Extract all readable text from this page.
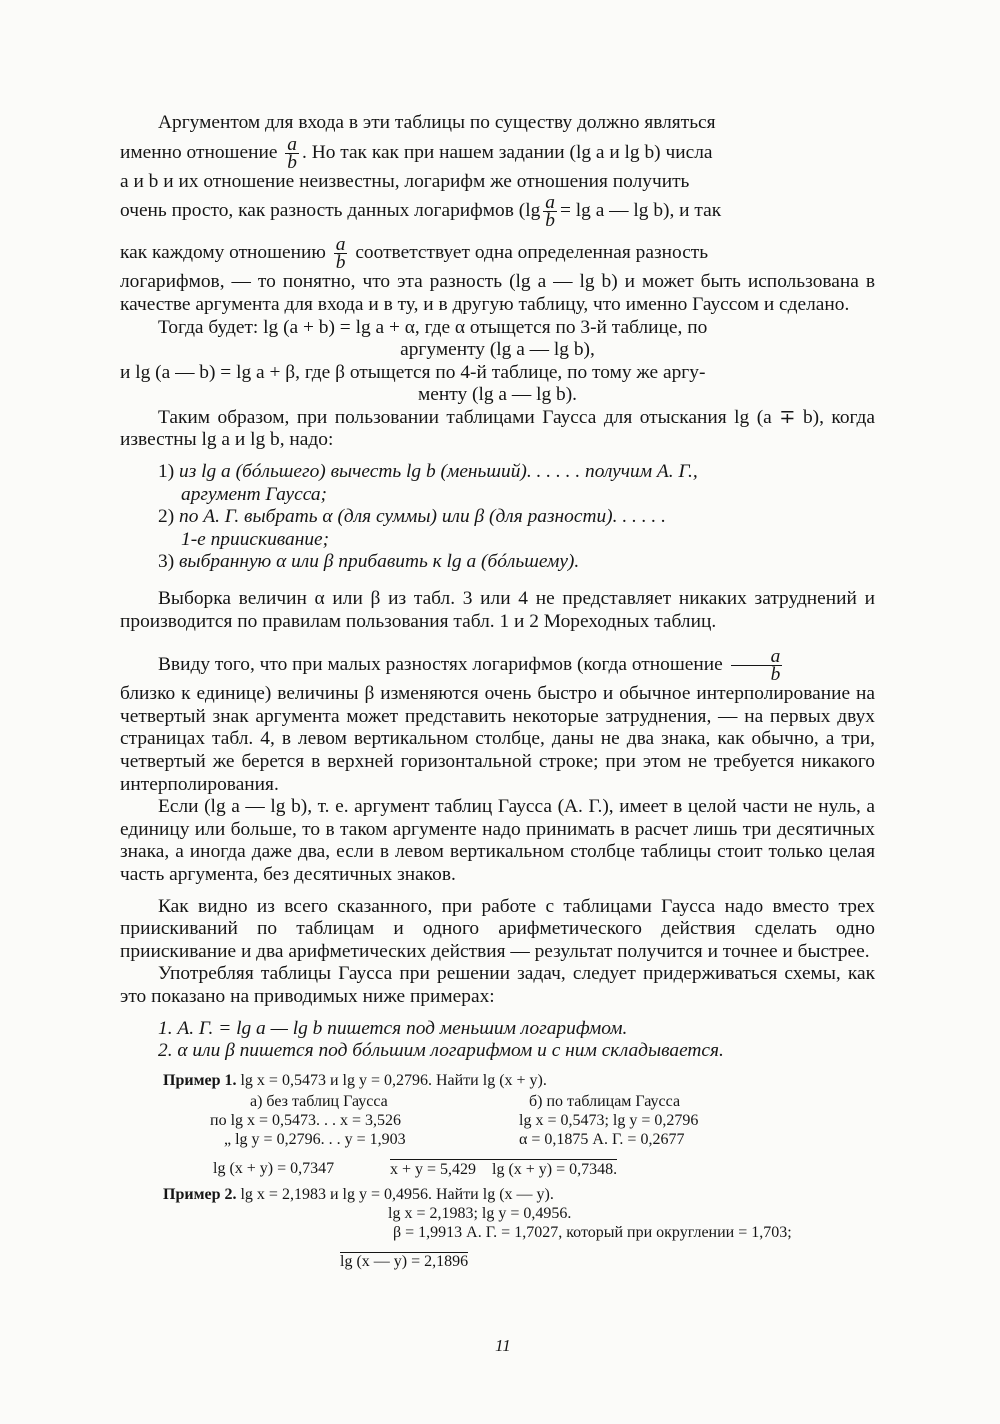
Аргументом для входа в эти таблицы по существу должно являться

именно отношение $\frac{a}{b}$ . Но так как при нашем задании (lg a и lg b) числа

a и b и их отношение неизвестны, логарифм же отношения получить

очень просто, как разность данных логарифмов ($\lg \frac{a}{b} = \lg a$ — lg b), и так

как каждому отношению $\frac{a}{b}$ соответствует одна определенная разность

логарифмов, — то понятно, что эта разность (lg a — lg b) и может быть использована в качестве аргумента для входа и в ту, и в другую таблицу, что именно Гауссом и сделано.

Тогда будет: lg (a + b) = lg a + α, где α отыщется по 3-й таблице, по

аргументу (lg a — lg b),

и lg (a — b) = lg a + β, где β отыщется по 4-й таблице, по тому же аргу-

менту (lg a — lg b).

Таким образом, при пользовании таблицами Гаусса для отыскания lg (a ∓ b), когда известны lg a и lg b, надо:

1) из lg a (бóльшего) вычесть lg b (меньший). . . . . . получим А. Г.,

аргумент Гаусса;

2) по А. Г. выбрать α (для суммы) или β (для разности). . . . . .

1-е приискивание;

3) выбранную α или β прибавить к lg a (бóльшему).

Выборка величин α или β из табл. 3 или 4 не представляет никаких затруднений и производится по правилам пользования табл. 1 и 2 Мореходных таблиц.

Ввиду того, что при малых разностях логарифмов (когда отношение $\frac{a}{b}$

близко к единице) величины β изменяются очень быстро и обычное интерполирование на четвертый знак аргумента может представить некоторые затруднения, — на первых двух страницах табл. 4, в левом вертикальном столбце, даны не два знака, как обычно, а три, четвертый же берется в верхней горизонтальной строке; при этом не требуется никакого интерполирования.

Если (lg a — lg b), т. е. аргумент таблиц Гаусса (А. Г.), имеет в целой части не нуль, а единицу или больше, то в таком аргументе надо принимать в расчет лишь три десятичных знака, а иногда даже два, если в левом вертикальном столбце таблицы стоит только целая часть аргумента, без десятичных знаков.

Как видно из всего сказанного, при работе с таблицами Гаусса надо вместо трех приискиваний по таблицам и одного арифметического действия сделать одно приискивание и два арифметических действия — результат получится и точнее и быстрее.

Употребляя таблицы Гаусса при решении задач, следует придерживаться схемы, как это показано на приводимых ниже примерах:

1. А. Г. = lg a — lg b пишется под меньшим логарифмом.

2. α или β пишется под бóльшим логарифмом и с ним складывается.

Пример 1. lg x = 0,5473 и lg y = 0,2796. Найти lg (x + y).
а) без таблиц Гаусса
по lg x = 0,5473. . . x = 3,526
„ lg y = 0,2796. . . y = 1,903
б) по таблицам Гаусса
lg x = 0,5473; lg y = 0,2796
α = 0,1875 А. Г. = 0,2677
lg (x + y) = 0,7347	x + y = 5,429 lg (x + y) = 0,7348.
Пример 2. lg x = 2,1983 и lg y = 0,4956. Найти lg (x — y).
lg x = 2,1983; lg y = 0,4956.
β = 1,9913 А. Г. = 1,7027, который при округлении = 1,703;
lg (x — y) = 2,1896
11
